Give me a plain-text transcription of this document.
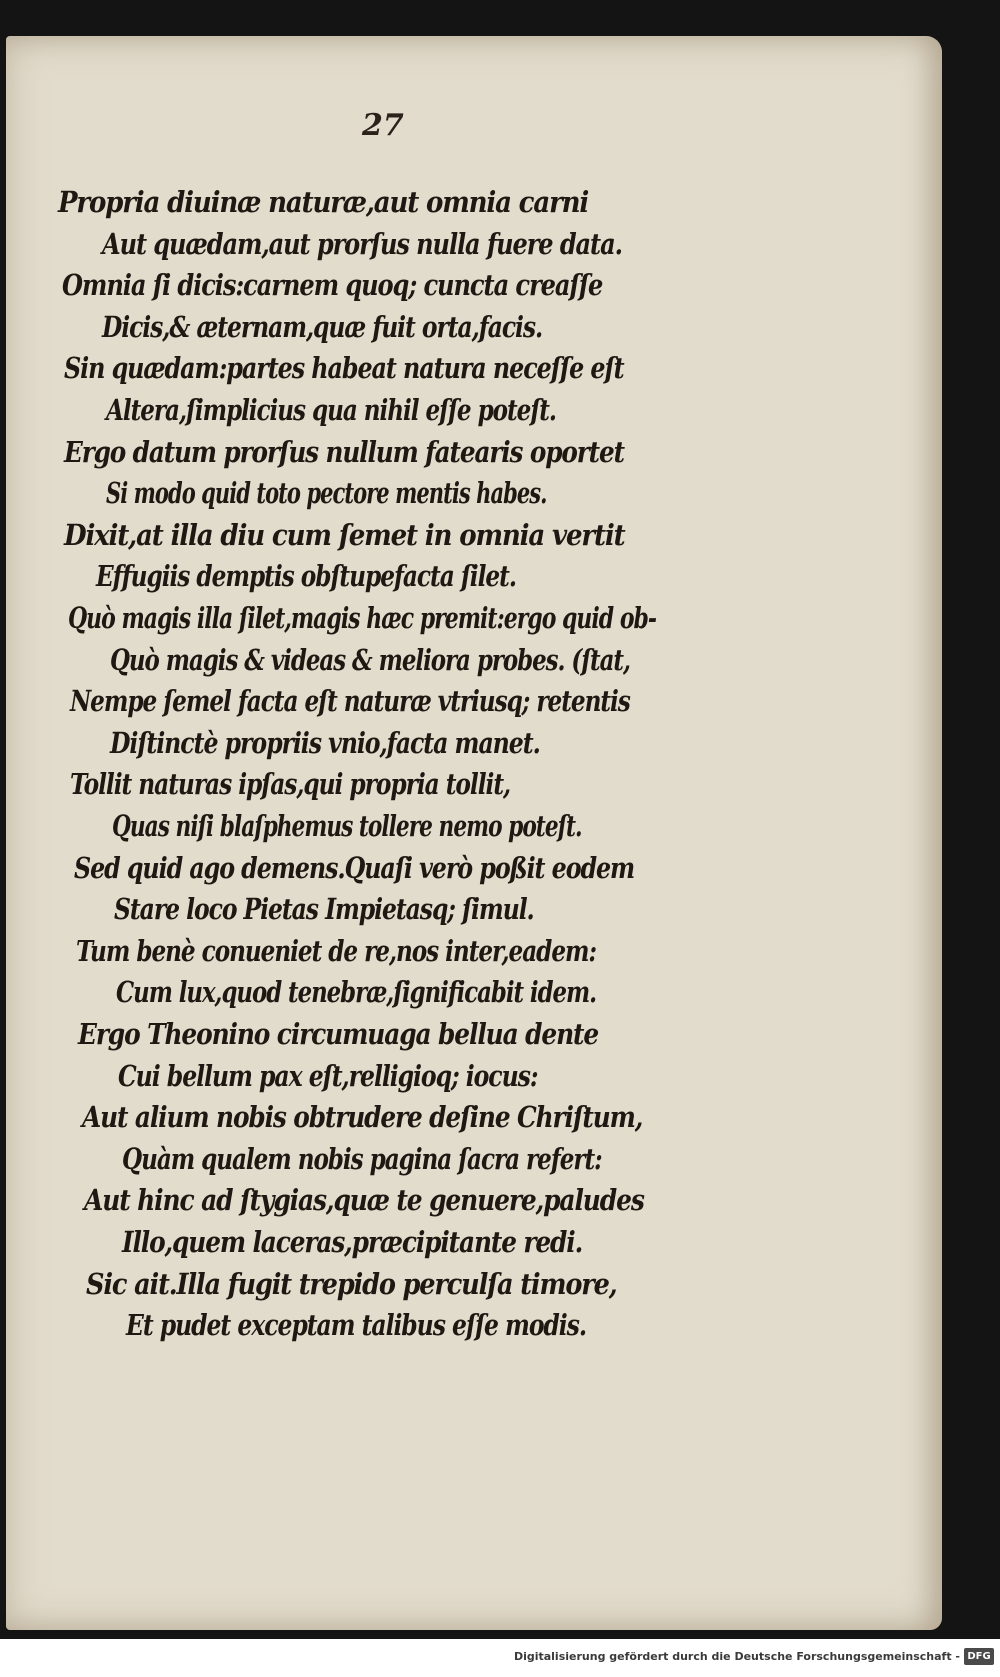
27

Propria diuinæ naturæ,aut omnia carni
Aut quædam,aut prorſus nulla fuere data.
Omnia ſi dicis:carnem quoq; cuncta creaſſe
Dicis,& æternam,quæ fuit orta,facis.
Sin quædam:partes habeat natura neceſſe eſt
Altera,ſimplicius qua nihil eſſe poteſt.
Ergo datum prorſus nullum fatearis oportet
Si modo quid toto pectore mentis habes.
Dixit,at illa diu cum ſemet in omnia vertit
Effugiis demptis obſtupefacta ſilet.
Quò magis illa ſilet,magis hæc premit:ergo quid ob-
Quò magis & videas & meliora probes. (ſtat,
Nempe ſemel facta eſt naturæ vtriusq; retentis
Diſtinctè propriis vnio,facta manet.
Tollit naturas ipſas,qui propria tollit,
Quas niſi blaſphemus tollere nemo poteſt.
Sed quid ago demens.Quaſi verò poßit eodem
Stare loco Pietas Impietasq; ſimul.
Tum benè conueniet de re,nos inter,eadem:
Cum lux,quod tenebræ,ſignificabit idem.
Ergo Theonino circumuaga bellua dente
Cui bellum pax eſt,relligioq; iocus:
Aut alium nobis obtrudere deſine Chriſtum,
Quàm qualem nobis pagina ſacra refert:
Aut hinc ad ſtygias,quæ te genuere,paludes
Illo,quem laceras,præcipitante redi.
Sic ait.Illa fugit trepido perculſa timore,
Et pudet exceptam talibus eſſe modis.

Digitalisierung gefördert durch die Deutsche Forschungsgemeinschaft - DFG
